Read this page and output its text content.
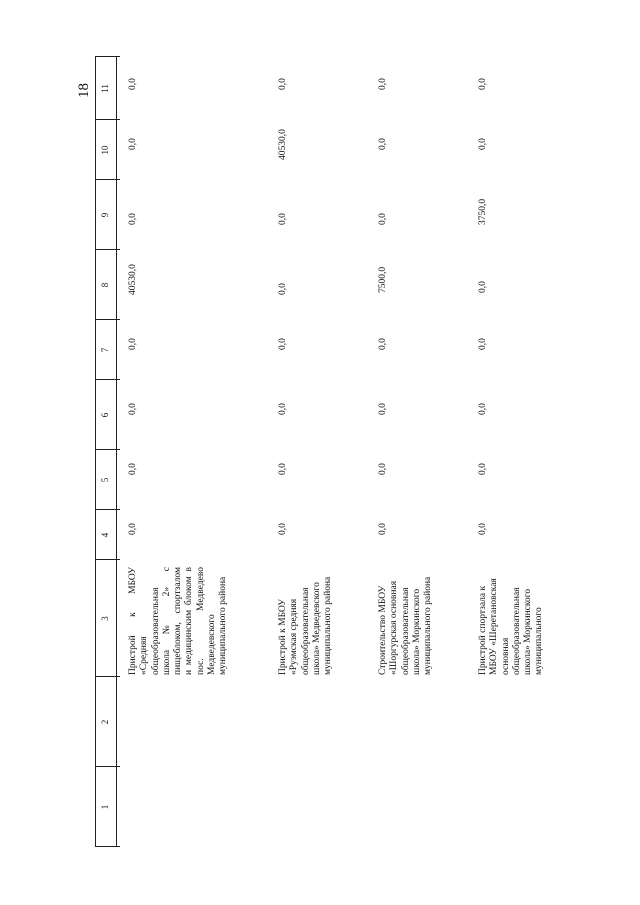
18
1
2
3
4
5
6
7
8
9
10
11
Пристрой к МБОУ «Средняя общеобразовательная школа № 2» с пищеблоком, спортзалом и медицинским блоком в пос. Медведево Медведевского муниципального района
0,0
0,0
0,0
0,0
40530,0
0,0
0,0
0,0
Пристрой к МБОУ «Руэмская средняя общеобразовательная школа» Медведевского муниципального района
0,0
0,0
0,0
0,0
0,0
0,0
40530,0
0,0
Строительство МБОУ «Шоргурская основная общеобразовательная школа» Моркинского муниципального района
0,0
0,0
0,0
0,0
7500,0
0,0
0,0
0,0
Пристрой спортзала к МБОУ «Шеретановская основная общеобразовательная школа» Моркинского муниципального
0,0
0,0
0,0
0,0
0,0
3750,0
0,0
0,0
